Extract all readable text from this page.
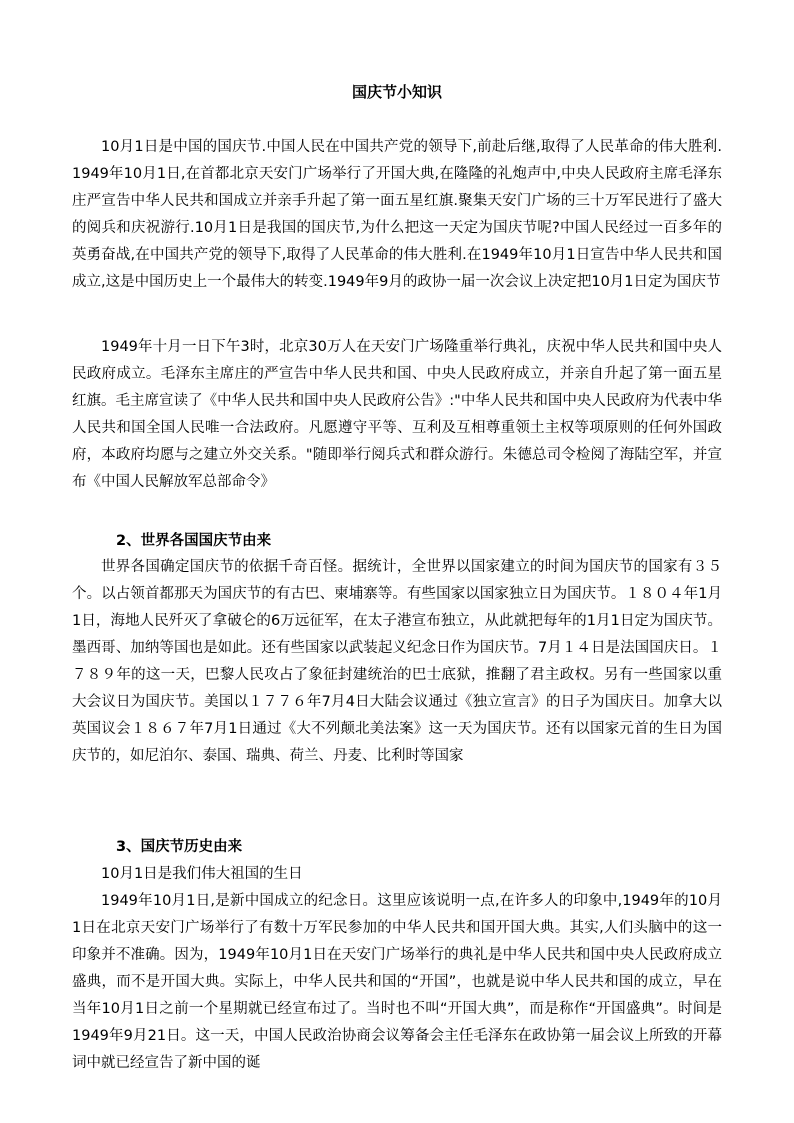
国庆节小知识

10月1日是中国的国庆节.中国人民在中国共产党的领导下,前赴后继,取得了人民革命的伟大胜利. 1949年10月1日,在首都北京天安门广场举行了开国大典,在隆隆的礼炮声中,中央人民政府主席毛泽东庄严宣告中华人民共和国成立并亲手升起了第一面五星红旗.聚集天安门广场的三十万军民进行了盛大的阅兵和庆祝游行.10月1日是我国的国庆节,为什么把这一天定为国庆节呢?中国人民经过一百多年的英勇奋战,在中国共产党的领导下,取得了人民革命的伟大胜利.在1949年10月1日宣告中华人民共和国成立,这是中国历史上一个最伟大的转变.1949年9月的政协一届一次会议上决定把10月1日定为国庆节

1949年十月一日下午3时，北京30万人在天安门广场隆重举行典礼，庆祝中华人民共和国中央人民政府成立。毛泽东主席庄的严宣告中华人民共和国、中央人民政府成立，并亲自升起了第一面五星红旗。毛主席宣读了《中华人民共和国中央人民政府公告》:"中华人民共和国中央人民政府为代表中华人民共和国全国人民唯一合法政府。凡愿遵守平等、互利及互相尊重领土主权等项原则的任何外国政府，本政府均愿与之建立外交关系。"随即举行阅兵式和群众游行。朱德总司令检阅了海陆空军，并宣布《中国人民解放军总部命令》

2、世界各国国庆节由来

世界各国确定国庆节的依据千奇百怪。据统计，全世界以国家建立的时间为国庆节的国家有３５个。以占领首都那天为国庆节的有古巴、柬埔寨等。有些国家以国家独立日为国庆节。１８０４年1月1日，海地人民歼灭了拿破仑的6万远征军，在太子港宣布独立，从此就把每年的1月1日定为国庆节。墨西哥、加纳等国也是如此。还有些国家以武装起义纪念日作为国庆节。7月１４日是法国国庆日。１７８９年的这一天，巴黎人民攻占了象征封建统治的巴士底狱，推翻了君主政权。另有一些国家以重大会议日为国庆节。美国以１７７６年7月4日大陆会议通过《独立宣言》的日子为国庆日。加拿大以英国议会１８６７年7月1日通过《大不列颠北美法案》这一天为国庆节。还有以国家元首的生日为国庆节的，如尼泊尔、泰国、瑞典、荷兰、丹麦、比利时等国家

3、国庆节历史由来

10月1日是我们伟大祖国的生日

1949年10月1日,是新中国成立的纪念日。这里应该说明一点,在许多人的印象中,1949年的10月1日在北京天安门广场举行了有数十万军民参加的中华人民共和国开国大典。其实,人们头脑中的这一印象并不准确。因为，1949年10月1日在天安门广场举行的典礼是中华人民共和国中央人民政府成立盛典，而不是开国大典。实际上，中华人民共和国的“开国”，也就是说中华人民共和国的成立，早在当年10月1日之前一个星期就已经宣布过了。当时也不叫“开国大典”，而是称作“开国盛典”。时间是1949年9月21日。这一天，中国人民政治协商会议筹备会主任毛泽东在政协第一届会议上所致的开幕词中就已经宣告了新中国的诞
